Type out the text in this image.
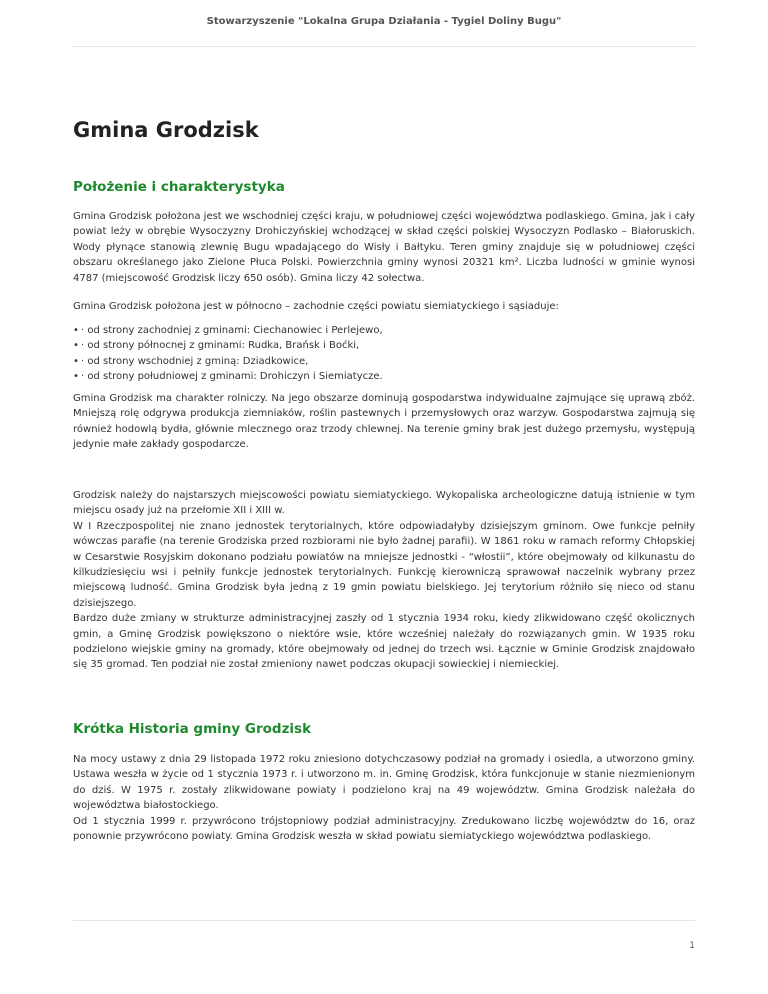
Stowarzyszenie "Lokalna Grupa Działania - Tygiel Doliny Bugu"
Gmina Grodzisk
Położenie i charakterystyka

Gmina Grodzisk położona jest we wschodniej części kraju, w południowej części województwa podlaskiego. Gmina, jak i cały powiat leży w obrębie Wysoczyzny Drohiczyńskiej wchodzącej w skład części polskiej Wysoczyzn Podlasko – Białoruskich. Wody płynące stanowią zlewnię Bugu wpadającego do Wisły i Bałtyku. Teren gminy znajduje się w południowej części obszaru określanego jako Zielone Płuca Polski. Powierzchnia gminy wynosi 20321 km². Liczba ludności w gminie wynosi 4787 (miejscowość Grodzisk liczy 650 osób). Gmina liczy 42 sołectwa.

Gmina Grodzisk położona jest w północno – zachodnie części powiatu siemiatyckiego i sąsiaduje:

• · od strony zachodniej z gminami: Ciechanowiec i Perlejewo,
• · od strony północnej z gminami: Rudka, Brańsk i Boćki,
• · od strony wschodniej z gminą: Dziadkowice,
• · od strony południowej z gminami: Drohiczyn i Siemiatycze.

Gmina Grodzisk ma charakter rolniczy. Na jego obszarze dominują gospodarstwa indywidualne zajmujące się uprawą zbóż. Mniejszą rolę odgrywa produkcja ziemniaków, roślin pastewnych i przemysłowych oraz warzyw. Gospodarstwa zajmują się również hodowlą bydła, głównie mlecznego oraz trzody chlewnej. Na terenie gminy brak jest dużego przemysłu, występują jedynie małe zakłady gospodarcze.

Grodzisk należy do najstarszych miejscowości powiatu siemiatyckiego. Wykopaliska archeologiczne datują istnienie w tym miejscu osady już na przełomie XII i XIII w.

W I Rzeczpospolitej nie znano jednostek terytorialnych, które odpowiadałyby dzisiejszym gminom. Owe funkcje pełniły wówczas parafie (na terenie Grodziska przed rozbiorami nie było żadnej parafii). W 1861 roku w ramach reformy Chłopskiej w Cesarstwie Rosyjskim dokonano podziału powiatów na mniejsze jednostki - “włostii”, które obejmowały od kilkunastu do kilkudziesięciu wsi i pełniły funkcje jednostek terytorialnych. Funkcję kierowniczą sprawował naczelnik wybrany przez miejscową ludność. Gmina Grodzisk była jedną z 19 gmin powiatu bielskiego. Jej terytorium różniło się nieco od stanu dzisiejszego.

Bardzo duże zmiany w strukturze administracyjnej zaszły od 1 stycznia 1934 roku, kiedy zlikwidowano część okolicznych gmin, a Gminę Grodzisk powiększono o niektóre wsie, które wcześniej należały do rozwiązanych gmin. W 1935 roku podzielono wiejskie gminy na gromady, które obejmowały od jednej do trzech wsi. Łącznie w Gminie Grodzisk znajdowało się 35 gromad. Ten podział nie został zmieniony nawet podczas okupacji sowieckiej i niemieckiej.

Krótka Historia gminy Grodzisk

Na mocy ustawy z dnia 29 listopada 1972 roku zniesiono dotychczasowy podział na gromady i osiedla, a utworzono gminy. Ustawa weszła w życie od 1 stycznia 1973 r. i utworzono m. in. Gminę Grodzisk, która funkcjonuje w stanie niezmienionym do dziś. W 1975 r. zostały zlikwidowane powiaty i podzielono kraj na 49 województw. Gmina Grodzisk należała do województwa białostockiego.

Od 1 stycznia 1999 r. przywrócono trójstopniowy podział administracyjny. Zredukowano liczbę województw do 16, oraz ponownie przywrócono powiaty. Gmina Grodzisk weszła w skład powiatu siemiatyckiego województwa podlaskiego.

1
